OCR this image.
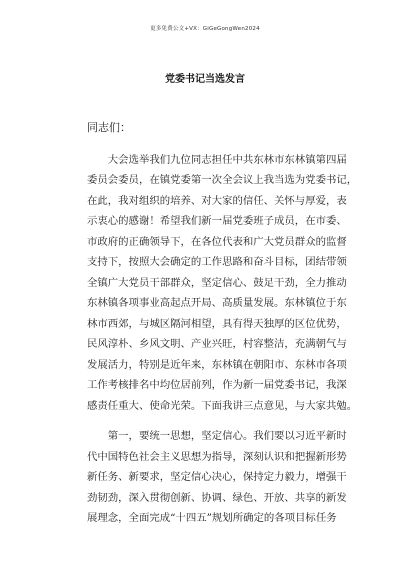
更多免费公文+VX：GiGeGongWen2024
党委书记当选发言
同志们：
　　大会选举我们九位同志担任中共东林市东林镇第四届
委员会委员，在镇党委第一次全会议上我当选为党委书记，
在此，我对组织的培养、对大家的信任、关怀与厚爱，表
示衷心的感谢！希望我们新一届党委班子成员，在市委、
市政府的正确领导下，在各位代表和广大党员群众的监督
支持下，按照大会确定的工作思路和奋斗目标，团结带领
全镇广大党员干部群众，坚定信心、鼓足干劲，全力推动
东林镇各项事业高起点开局、高质量发展。东林镇位于东
林市西郊，与城区隔河相望，具有得天独厚的区位优势，
民风淳朴、乡风文明、产业兴旺，村容整洁，充满朝气与
发展活力，特别是近年来，东林镇在朝阳市、东林市各项
工作考核排名中均位居前列，作为新一届党委书记，我深
感责任重大、使命光荣。下面我讲三点意见，与大家共勉。
　　第一，要统一思想，坚定信心。我们要以习近平新时
代中国特色社会主义思想为指导，深刻认识和把握新形势
新任务、新要求，坚定信心决心，保持定力毅力，增强干
劲韧劲，深入贯彻创新、协调、绿色、开放、共享的新发
展理念，全面完成“十四五”规划所确定的各项目标任务
